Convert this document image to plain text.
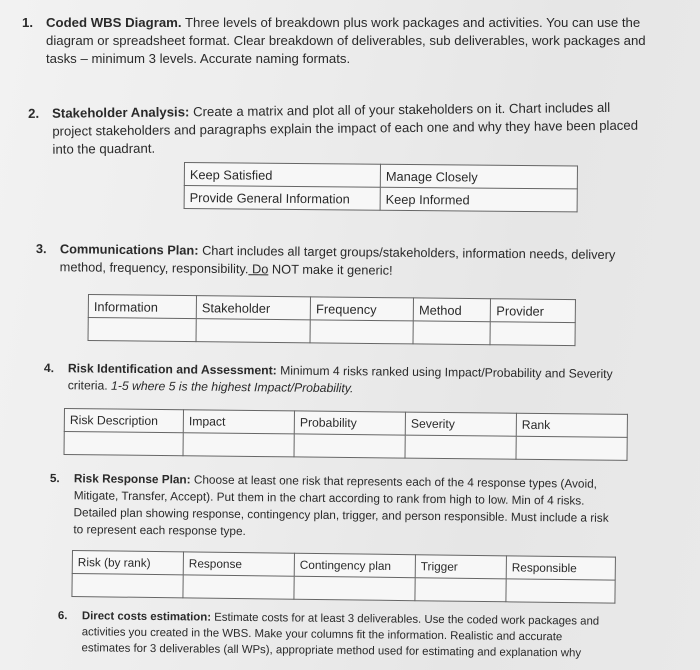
1. Coded WBS Diagram. Three levels of breakdown plus work packages and activities. You can use the diagram or spreadsheet format. Clear breakdown of deliverables, sub deliverables, work packages and tasks – minimum 3 levels. Accurate naming formats.
2. Stakeholder Analysis: Create a matrix and plot all of your stakeholders on it. Chart includes all project stakeholders and paragraphs explain the impact of each one and why they have been placed into the quadrant.
Keep Satisfied	Manage Closely
Provide General Information	Keep Informed
3. Communications Plan: Chart includes all target groups/stakeholders, information needs, delivery method, frequency, responsibility. Do NOT make it generic!
Information	Stakeholder	Frequency	Method	Provider

4. Risk Identification and Assessment: Minimum 4 risks ranked using Impact/Probability and Severity criteria. 1-5 where 5 is the highest Impact/Probability.
Risk Description	Impact	Probability	Severity	Rank

5. Risk Response Plan: Choose at least one risk that represents each of the 4 response types (Avoid, Mitigate, Transfer, Accept). Put them in the chart according to rank from high to low. Min of 4 risks. Detailed plan showing response, contingency plan, trigger, and person responsible. Must include a risk to represent each response type.
Risk (by rank)	Response	Contingency plan	Trigger	Responsible

6. Direct costs estimation: Estimate costs for at least 3 deliverables. Use the coded work packages and activities you created in the WBS. Make your columns fit the information. Realistic and accurate estimates for 3 deliverables (all WPs), appropriate method used for estimating and explanation why
